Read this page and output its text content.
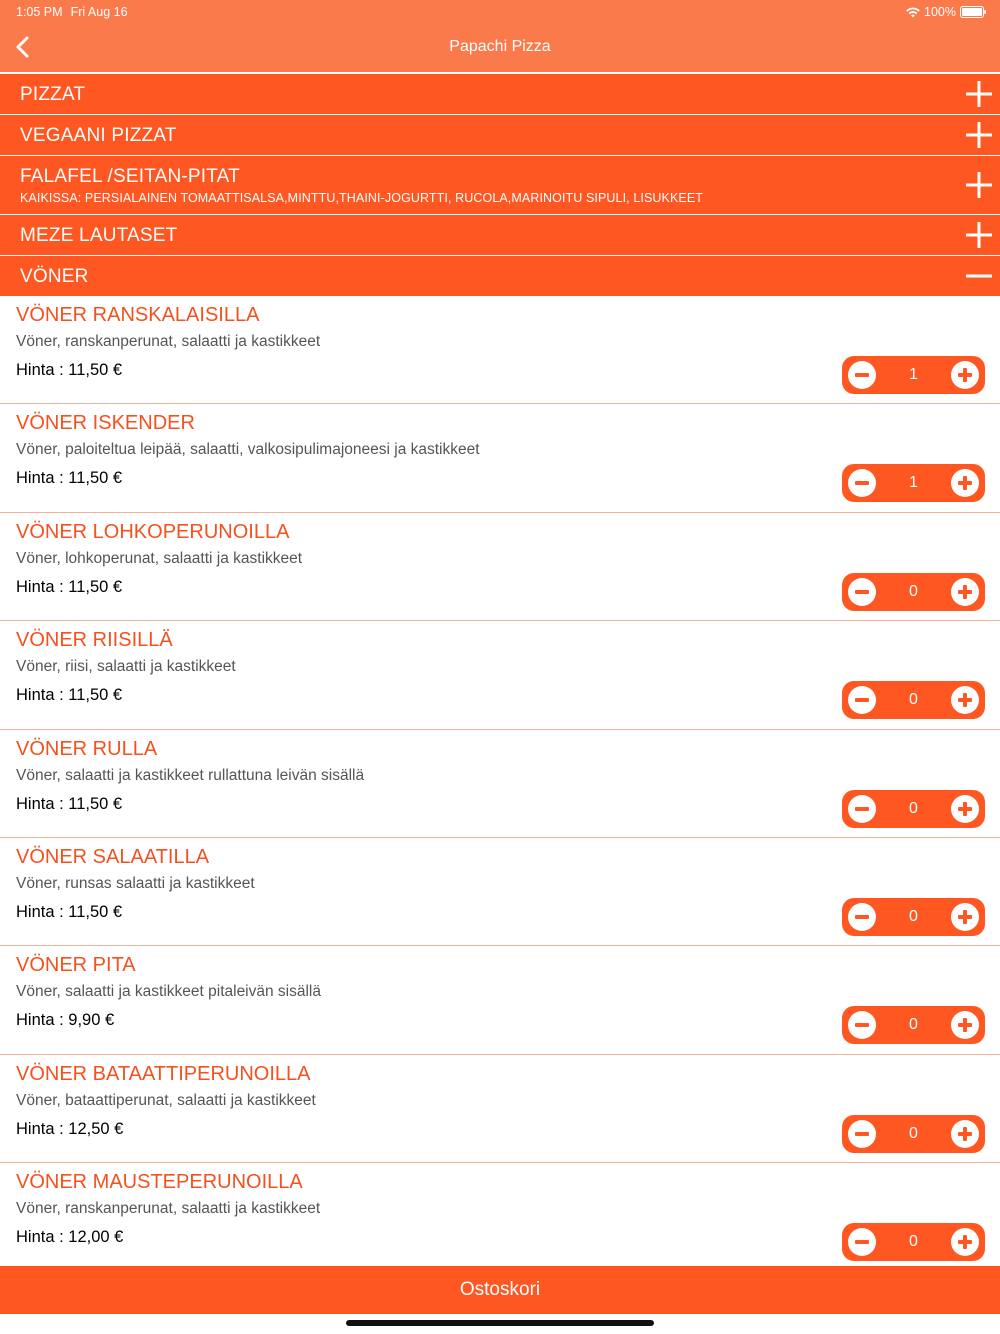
1:05 PM Fri Aug 16	100%
Papachi Pizza
PIZZAT
VEGAANI PIZZAT
FALAFEL /SEITAN-PITAT
KAIKISSA: PERSIALAINEN TOMAATTISALSA,MINTTU,THAINI-JOGURTTI, RUCOLA,MARINOITU SIPULI, LISUKKEET
MEZE LAUTASET
VÖNER
VÖNER RANSKALAISILLA
Vöner, ranskanperunat, salaatti ja kastikkeet
Hinta : 11,50 €	1
VÖNER ISKENDER
Vöner, paloiteltua leipää, salaatti, valkosipulimajoneesi ja kastikkeet
Hinta : 11,50 €	1
VÖNER LOHKOPERUNOILLA
Vöner, lohkoperunat, salaatti ja kastikkeet
Hinta : 11,50 €	0
VÖNER RIISILLÄ
Vöner, riisi, salaatti ja kastikkeet
Hinta : 11,50 €	0
VÖNER RULLA
Vöner, salaatti ja kastikkeet rullattuna leivän sisällä
Hinta : 11,50 €	0
VÖNER SALAATILLA
Vöner, runsas salaatti ja kastikkeet
Hinta : 11,50 €	0
VÖNER PITA
Vöner, salaatti ja kastikkeet pitaleivän sisällä
Hinta : 9,90 €	0
VÖNER BATAATTIPERUNOILLA
Vöner, bataattiperunat, salaatti ja kastikkeet
Hinta : 12,50 €	0
VÖNER MAUSTEPERUNOILLA
Vöner, ranskanperunat, salaatti ja kastikkeet
Hinta : 12,00 €	0
Ostoskori
